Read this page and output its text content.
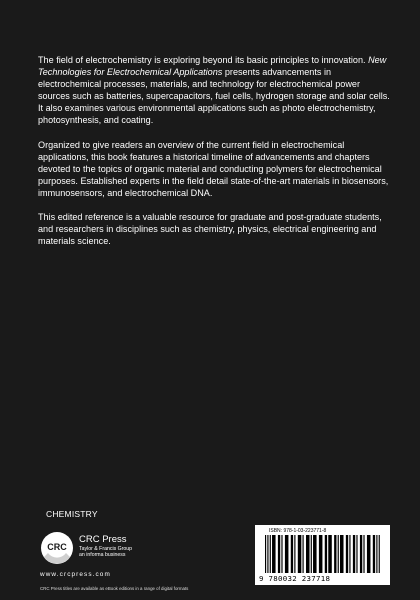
The field of electrochemistry is exploring beyond its basic principles to innovation. New Technologies for Electrochemical Applications presents advancements in electrochemical processes, materials, and technology for electrochemical power sources such as batteries, supercapacitors, fuel cells, hydrogen storage and solar cells. It also examines various environmental applications such as photo electrochemistry, photosynthesis, and coating.

Organized to give readers an overview of the current field in electrochemical applications, this book features a historical timeline of advancements and chapters devoted to the topics of organic material and conducting polymers for electrochemical purposes. Established experts in the field detail state-of-the-art materials in biosensors, immunosensors, and electrochemical DNA.

This edited reference is a valuable resource for graduate and post-graduate students, and researchers in disciplines such as chemistry, physics, electrical engineering and materials science.

CHEMISTRY
CRC
CRC Press
Taylor & Francis Group
an informa business
www.crcpress.com
CRC Press titles are available as eBook editions in a range of digital formats
ISBN: 978-1-03-223771-8
9 780032 237718
